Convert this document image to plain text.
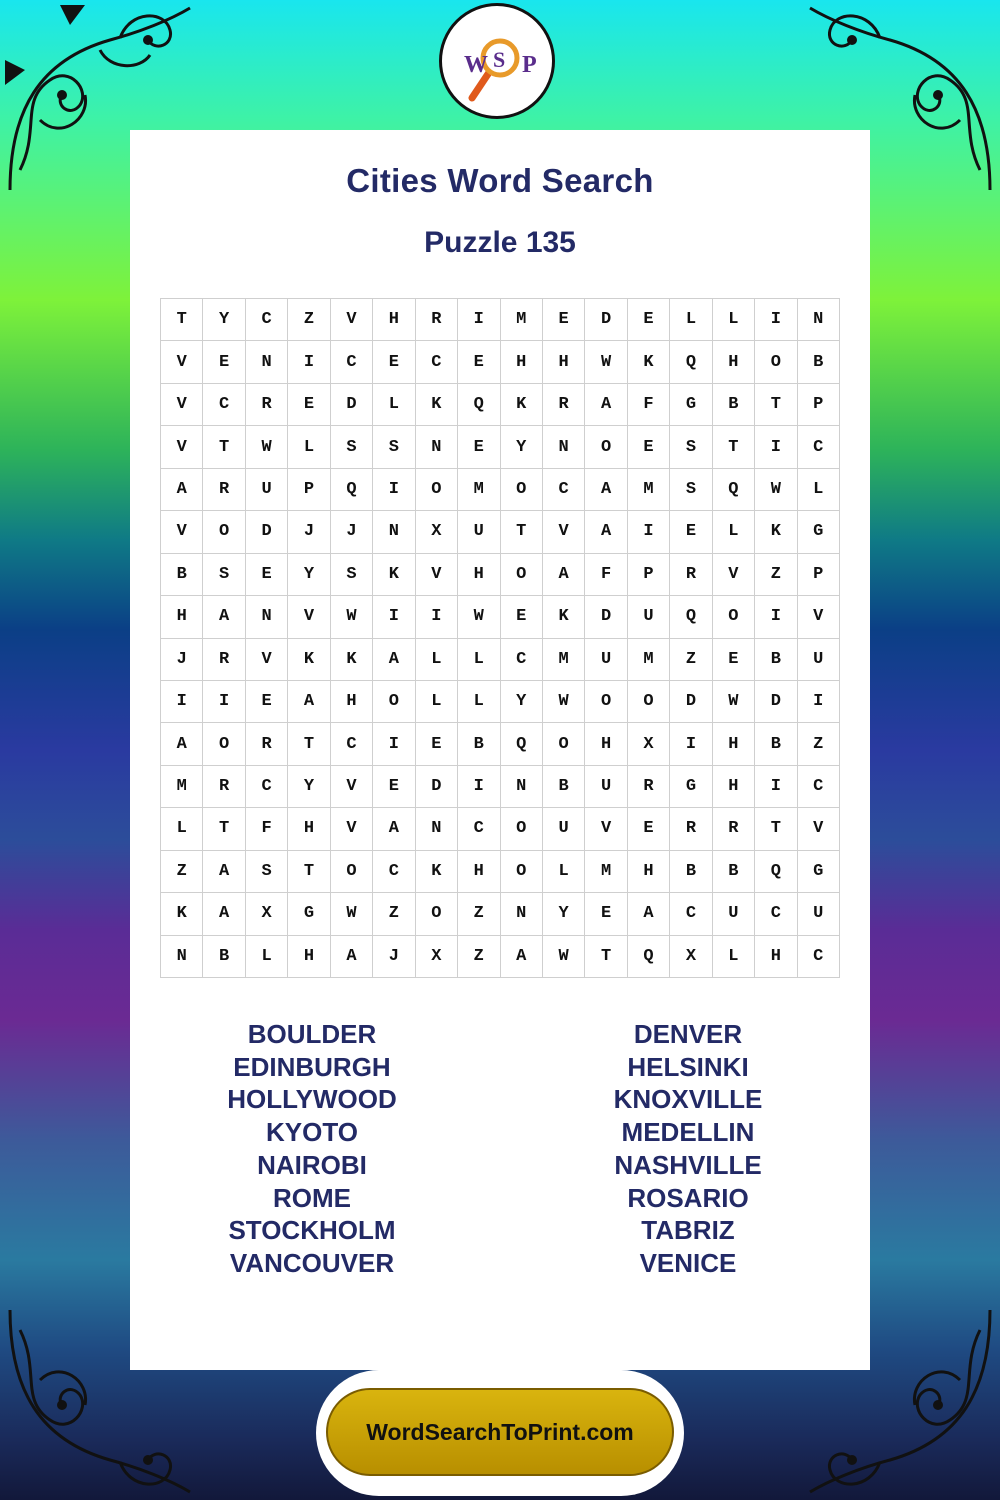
W S P
Cities Word Search
Puzzle 135
T	Y	C	Z	V	H	R	I	M	E	D	E	L	L	I	N
V	E	N	I	C	E	C	E	H	H	W	K	Q	H	O	B
V	C	R	E	D	L	K	Q	K	R	A	F	G	B	T	P
V	T	W	L	S	S	N	E	Y	N	O	E	S	T	I	C
A	R	U	P	Q	I	O	M	O	C	A	M	S	Q	W	L
V	O	D	J	J	N	X	U	T	V	A	I	E	L	K	G
B	S	E	Y	S	K	V	H	O	A	F	P	R	V	Z	P
H	A	N	V	W	I	I	W	E	K	D	U	Q	O	I	V
J	R	V	K	K	A	L	L	C	M	U	M	Z	E	B	U
I	I	E	A	H	O	L	L	Y	W	O	O	D	W	D	I
A	O	R	T	C	I	E	B	Q	O	H	X	I	H	B	Z
M	R	C	Y	V	E	D	I	N	B	U	R	G	H	I	C
L	T	F	H	V	A	N	C	O	U	V	E	R	R	T	V
Z	A	S	T	O	C	K	H	O	L	M	H	B	B	Q	G
K	A	X	G	W	Z	O	Z	N	Y	E	A	C	U	C	U
N	B	L	H	A	J	X	Z	A	W	T	Q	X	L	H	C
BOULDER
EDINBURGH
HOLLYWOOD
KYOTO
NAIROBI
ROME
STOCKHOLM
VANCOUVER
DENVER
HELSINKI
KNOXVILLE
MEDELLIN
NASHVILLE
ROSARIO
TABRIZ
VENICE
WordSearchToPrint.com
